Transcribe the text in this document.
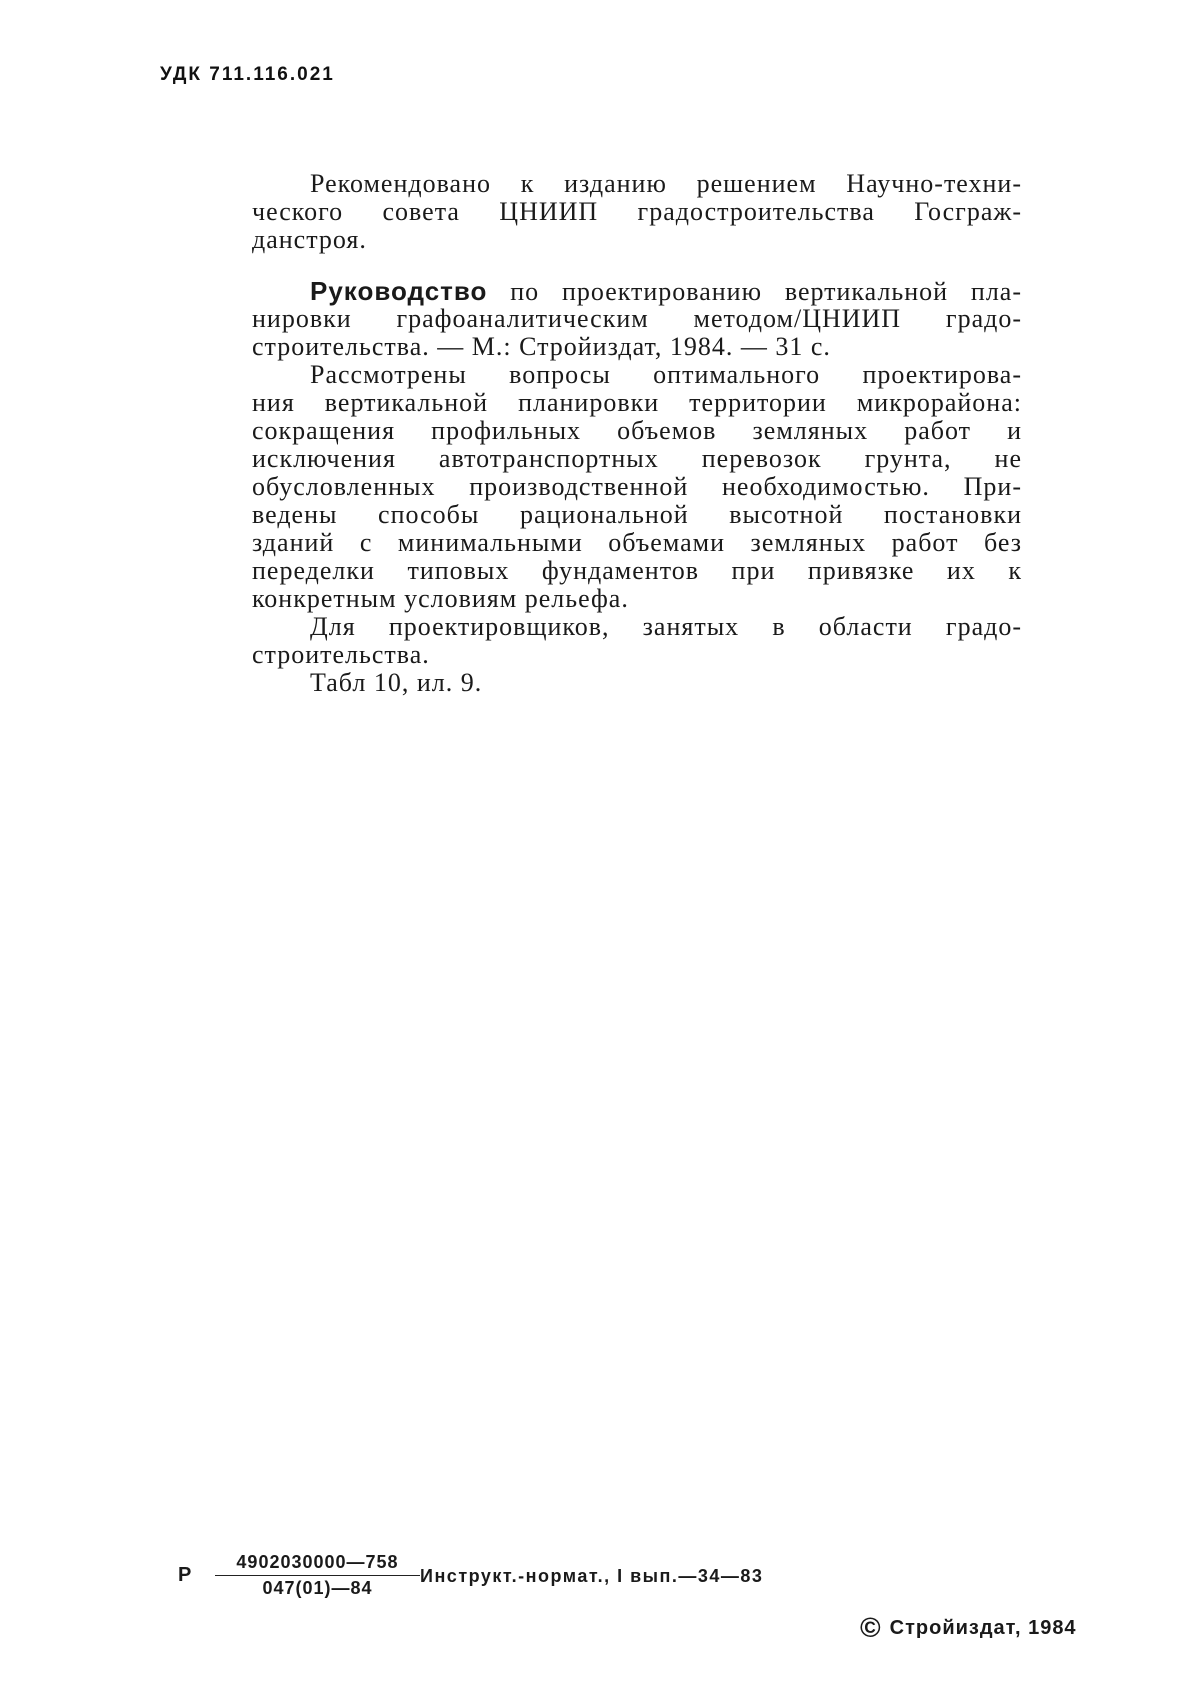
УДК 711.116.021
Рекомендовано к изданию решением Научно-техни-
ческого совета ЦНИИП градостроительства Госграж-
данстроя.
Руководство по проектированию вертикальной пла-
нировки графоаналитическим методом/ЦНИИП градо-
строительства. — М.: Стройиздат, 1984. — 31 с.
Рассмотрены вопросы оптимального проектирова-
ния вертикальной планировки территории микрорайона:
сокращения профильных объемов земляных работ и
исключения автотранспортных перевозок грунта, не
обусловленных производственной необходимостью. При-
ведены способы рациональной высотной постановки
зданий с минимальными объемами земляных работ без
переделки типовых фундаментов при привязке их к
конкретным условиям рельефа.
Для проектировщиков, занятых в области градо-
строительства.
Табл 10, ил. 9.
Р $\frac{4902030000—758}{047(01)—84}$ Инструкт.-нормат., I вып.—34—83
© Стройиздат, 1984
